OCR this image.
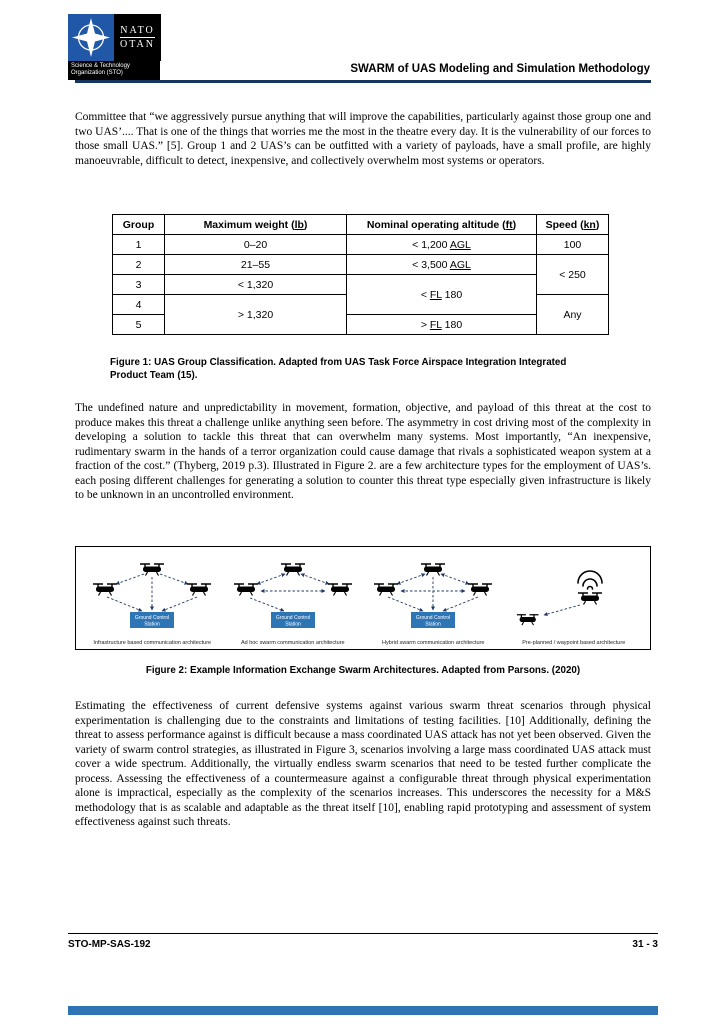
NATO
OTAN
Science & Technology
Organization (STO)	SWARM of UAS Modeling and Simulation Methodology

Committee that “we aggressively pursue anything that will improve the capabilities, particularly against those group one and two UAS’.... That is one of the things that worries me the most in the theatre every day. It is the vulnerability of our forces to those small UAS.” [5]. Group 1 and 2 UAS’s can be outfitted with a variety of payloads, have a small profile, are highly manoeuvrable, difficult to detect, inexpensive, and collectively overwhelm most systems or operators.

Group	Maximum weight (lb)	Nominal operating altitude (ft)	Speed (kn)
1	0–20	< 1,200 AGL	100
2	21–55	< 3,500 AGL	< 250
3	< 1,320	< FL 180	
4	> 1,320		Any
5		> FL 180	
Figure 1: UAS Group Classification. Adapted from UAS Task Force Airspace Integration Integrated Product Team (15).

The undefined nature and unpredictability in movement, formation, objective, and payload of this threat at the cost to produce makes this threat a challenge unlike anything seen before. The asymmetry in cost driving most of the complexity in developing a solution to tackle this threat that can overwhelm many systems. Most importantly, “An inexpensive, rudimentary swarm in the hands of a terror organization could cause damage that rivals a sophisticated weapon system at a fraction of the cost.” (Thyberg, 2019 p.3). Illustrated in Figure 2. are a few architecture types for the employment of UAS’s. each posing different challenges for generating a solution to counter this threat type especially given infrastructure is likely to be unknown in an uncontrolled environment.

Ground Control
Station
Infrastructure based communication architecture
Ground Control
Station
Ad hoc swarm communication architecture
Ground Control
Station
Hybrid swarm communication architecture	Pre-planned / waypoint based architecture
Figure 2: Example Information Exchange Swarm Architectures. Adapted from Parsons. (2020)

Estimating the effectiveness of current defensive systems against various swarm threat scenarios through physical experimentation is challenging due to the constraints and limitations of testing facilities. [10] Additionally, defining the threat to assess performance against is difficult because a mass coordinated UAS attack has not yet been observed. Given the variety of swarm control strategies, as illustrated in Figure 3, scenarios involving a large mass coordinated UAS attack must cover a wide spectrum. Additionally, the virtually endless swarm scenarios that need to be tested further complicate the process. Assessing the effectiveness of a countermeasure against a configurable threat through physical experimentation alone is impractical, especially as the complexity of the scenarios increases. This underscores the necessity for a M&S methodology that is as scalable and adaptable as the threat itself [10], enabling rapid prototyping and assessment of system effectiveness against such threats.

STO-MP-SAS-192	31 - 3
